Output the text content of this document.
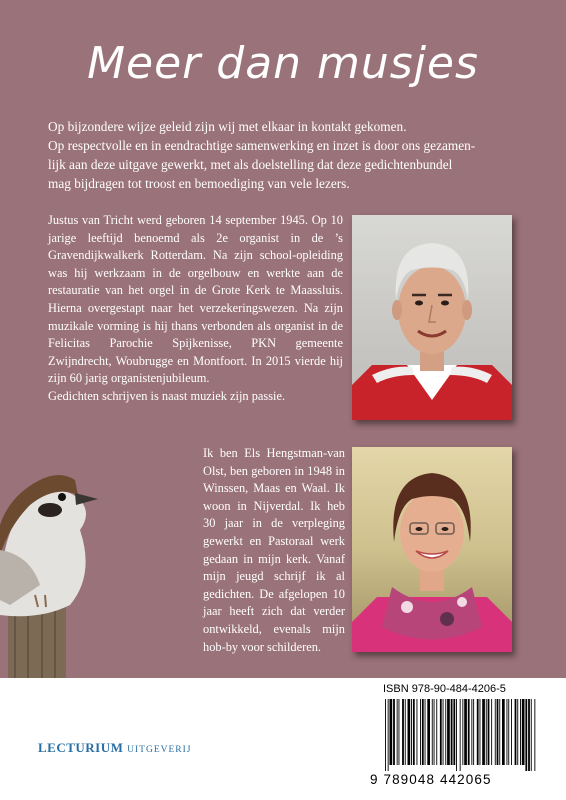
Meer dan musjes
Op bijzondere wijze geleid zijn wij met elkaar in kontakt gekomen.
Op respectvolle en in eendrachtige samenwerking en inzet is door ons gezamen-
lijk aan deze uitgave gewerkt, met als doelstelling dat deze gedichtenbundel
mag bijdragen tot troost en bemoediging van vele lezers.
Justus van Tricht werd geboren 14 september 1945. Op 10 jarige leeftijd benoemd als 2e organist in de ’s Gravendijkwalkerk Rotterdam. Na zijn school-opleiding was hij werkzaam in de orgelbouw en werkte aan de restauratie van het orgel in de Grote Kerk te Maassluis. Hierna overgestapt naar het verzekeringswezen. Na zijn muzikale vorming is hij thans verbonden als organist in de Felicitas Parochie Spijkenisse, PKN gemeente Zwijndrecht, Woubrugge en Montfoort. In 2015 vierde hij zijn 60 jarig organistenjubileum.
Gedichten schrijven is naast muziek zijn passie.
Ik ben Els Hengstman-van Olst, ben geboren in 1948 in Winssen, Maas en Waal. Ik woon in Nijverdal. Ik heb 30 jaar in de verpleging gewerkt en Pastoraal werk gedaan in mijn kerk. Vanaf mijn jeugd schrijf ik al gedichten. De afgelopen 10 jaar heeft zich dat verder ontwikkeld, evenals mijn hob-by voor schilderen.
LECTURIUM UITGEVERIJ
ISBN 978-90-484-4206-5
9 789048 442065
